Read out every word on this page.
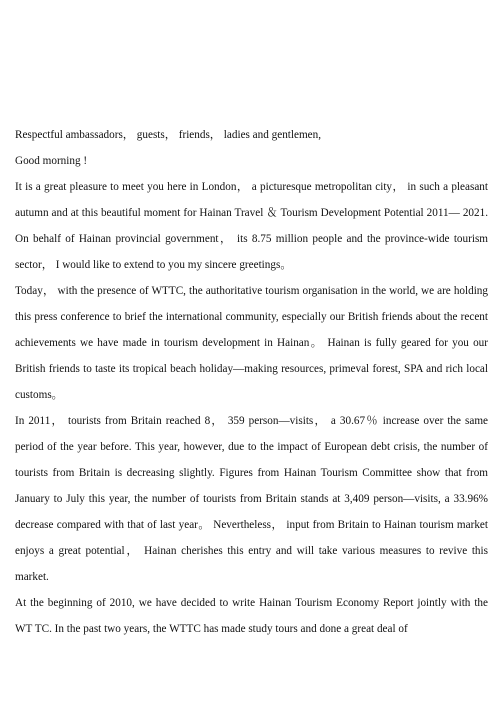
Respectful ambassadors， guests， friends， ladies and gentlemen,

Good morning !

It is a great pleasure to meet you here in London， a picturesque metropolitan city， in such a pleasant autumn and at this beautiful moment for Hainan Travel ＆ Tourism Development Potential 2011— 2021. On behalf of Hainan provincial government， its 8.75 million people and the province-wide tourism sector， I would like to extend to you my sincere greetings。

Today， with the presence of WTTC, the authoritative tourism organisation in the world, we are holding this press conference to brief the international community, especially our British friends about the recent achievements we have made in tourism development in Hainan。 Hainan is fully geared for you our British friends to taste its tropical beach holiday—making resources, primeval forest, SPA and rich local customs。

In 2011， tourists from Britain reached 8， 359 person—visits， a 30.67％ increase over the same period of the year before. This year, however, due to the impact of European debt crisis, the number of tourists from Britain is decreasing slightly. Figures from Hainan Tourism Committee show that from January to July this year, the number of tourists from Britain stands at 3,409 person—visits, a 33.96% decrease compared with that of last year。 Nevertheless， input from Britain to Hainan tourism market enjoys a great potential， Hainan cherishes this entry and will take various measures to revive this market.

At the beginning of 2010, we have decided to write Hainan Tourism Economy Report jointly with the WT TC. In the past two years, the WTTC has made study tours and done a great deal of
